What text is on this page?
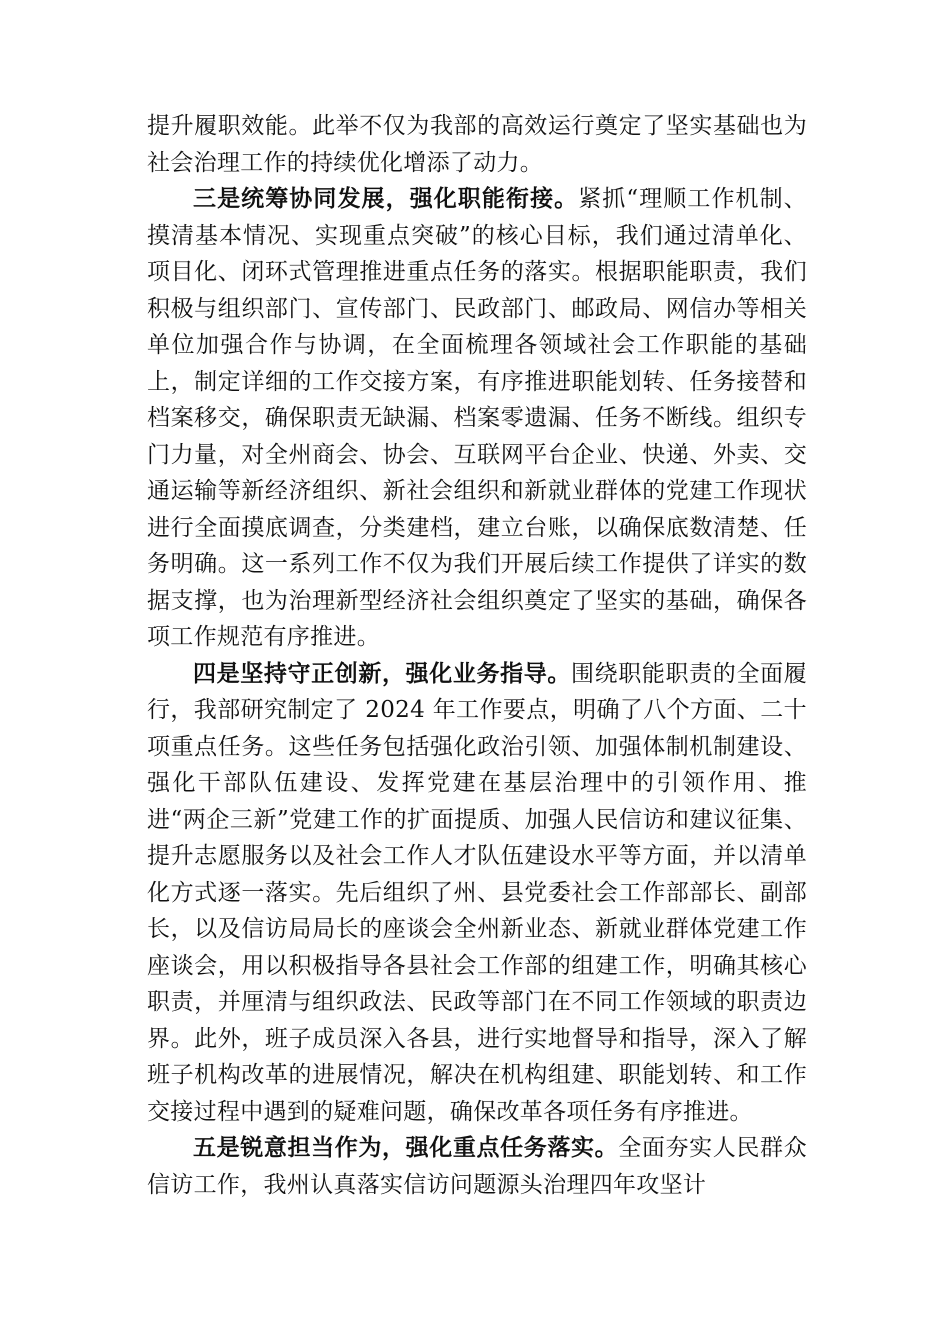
提升履职效能。此举不仅为我部的高效运行奠定了坚实基础也为社会治理工作的持续优化增添了动力。

三是统筹协同发展，强化职能衔接。紧抓“理顺工作机制、摸清基本情况、实现重点突破”的核心目标，我们通过清单化、项目化、闭环式管理推进重点任务的落实。根据职能职责，我们积极与组织部门、宣传部门、民政部门、邮政局、网信办等相关单位加强合作与协调，在全面梳理各领域社会工作职能的基础上，制定详细的工作交接方案，有序推进职能划转、任务接替和档案移交，确保职责无缺漏、档案零遗漏、任务不断线。组织专门力量，对全州商会、协会、互联网平台企业、快递、外卖、交通运输等新经济组织、新社会组织和新就业群体的党建工作现状进行全面摸底调查，分类建档，建立台账，以确保底数清楚、任务明确。这一系列工作不仅为我们开展后续工作提供了详实的数据支撑，也为治理新型经济社会组织奠定了坚实的基础，确保各项工作规范有序推进。

四是坚持守正创新，强化业务指导。围绕职能职责的全面履行，我部研究制定了 2024 年工作要点，明确了八个方面、二十项重点任务。这些任务包括强化政治引领、加强体制机制建设、强化干部队伍建设、发挥党建在基层治理中的引领作用、推进“两企三新”党建工作的扩面提质、加强人民信访和建议征集、提升志愿服务以及社会工作人才队伍建设水平等方面，并以清单化方式逐一落实。先后组织了州、县党委社会工作部部长、副部长，以及信访局局长的座谈会全州新业态、新就业群体党建工作座谈会，用以积极指导各县社会工作部的组建工作，明确其核心职责，并厘清与组织政法、民政等部门在不同工作领域的职责边界。此外，班子成员深入各县，进行实地督导和指导，深入了解班子机构改革的进展情况，解决在机构组建、职能划转、和工作交接过程中遇到的疑难问题，确保改革各项任务有序推进。

五是锐意担当作为，强化重点任务落实。全面夯实人民群众信访工作，我州认真落实信访问题源头治理四年攻坚计
